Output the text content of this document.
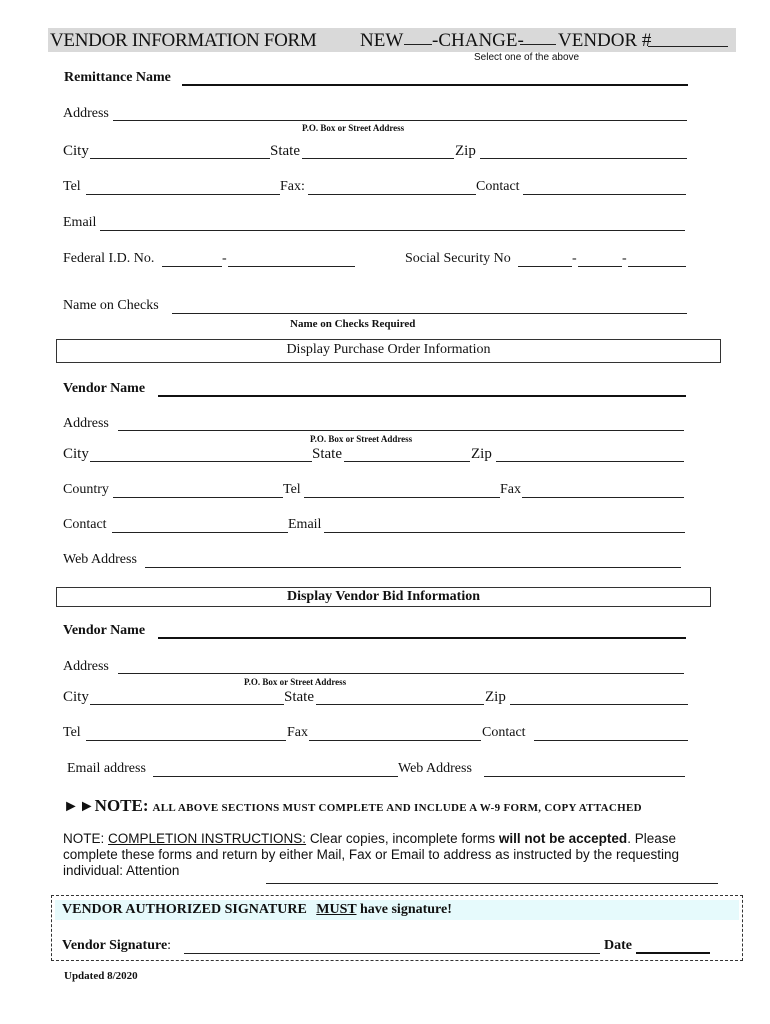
VENDOR INFORMATION FORM NEW -CHANGE- VENDOR #
Select one of the above
Remittance Name
Address
P.O. Box or Street Address
City	State	Zip
Tel	Fax:	Contact
Email
Federal I.D. No.	-	Social Security No	-	-
Name on Checks
Name on Checks Required
Display Purchase Order Information
Vendor Name
Address
P.O. Box or Street Address
City	State	Zip
Country	Tel	Fax
Contact	Email
Web Address
Display Vendor Bid Information
Vendor Name
Address
P.O. Box or Street Address
City	State	Zip
Tel	Fax	Contact
Email address	Web Address
►►NOTE: ALL ABOVE SECTIONS MUST COMPLETE AND INCLUDE A W-9 FORM, COPY ATTACHED
NOTE: COMPLETION INSTRUCTIONS: Clear copies, incomplete forms will not be accepted. Please complete these forms and return by either Mail, Fax or Email to address as instructed by the requesting individual: Attention
VENDOR AUTHORIZED SIGNATURE MUST have signature!
Vendor Signature:	Date
Updated 8/2020
